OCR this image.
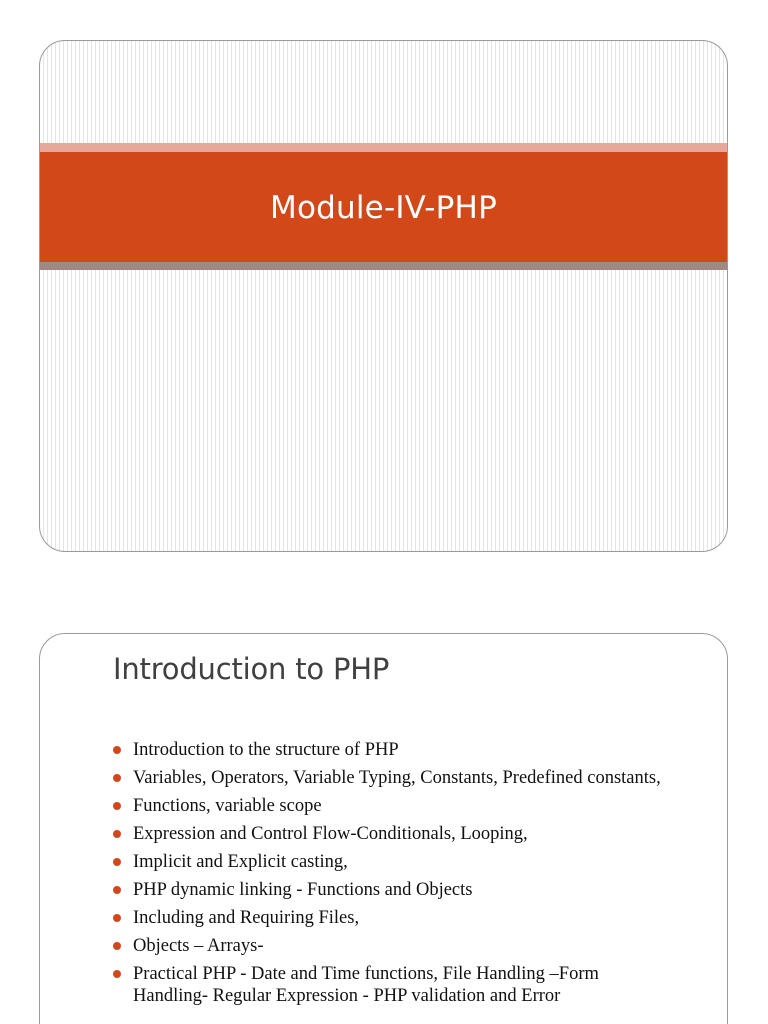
Module-IV-PHP
Introduction to PHP
Introduction to the structure of PHP
Variables, Operators, Variable Typing, Constants, Predefined constants,
Functions, variable scope
Expression and Control Flow-Conditionals, Looping,
Implicit and Explicit casting,
PHP dynamic linking - Functions and Objects
Including and Requiring Files,
Objects – Arrays-
Practical PHP - Date and Time functions, File Handling –Form Handling- Regular Expression - PHP validation and Error
